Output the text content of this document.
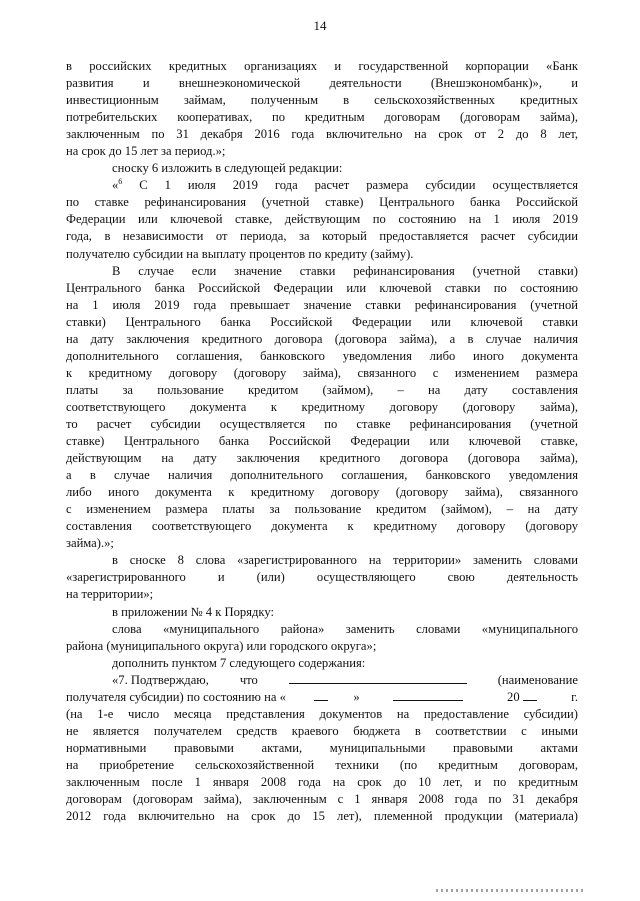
14
в российских кредитных организациях и государственной корпорации «Банк
развития и внешнеэкономической деятельности (Внешэкономбанк)», и
инвестиционным займам, полученным в сельскохозяйственных кредитных
потребительских кооперативах, по кредитным договорам (договорам займа),
заключенным по 31 декабря 2016 года включительно на срок от 2 до 8 лет,
на срок до 15 лет за период.»;
сноску 6 изложить в следующей редакции:
«$^6$ С 1 июля 2019 года расчет размера субсидии осуществляется
по ставке рефинансирования (учетной ставке) Центрального банка Российской
Федерации или ключевой ставке, действующим по состоянию на 1 июля 2019
года, в независимости от периода, за который предоставляется расчет субсидии
получателю субсидии на выплату процентов по кредиту (займу).
В случае если значение ставки рефинансирования (учетной ставки)
Центрального банка Российской Федерации или ключевой ставки по состоянию
на 1 июля 2019 года превышает значение ставки рефинансирования (учетной
ставки) Центрального банка Российской Федерации или ключевой ставки
на дату заключения кредитного договора (договора займа), а в случае наличия
дополнительного соглашения, банковского уведомления либо иного документа
к кредитному договору (договору займа), связанного с изменением размера
платы за пользование кредитом (займом), – на дату составления
соответствующего документа к кредитному договору (договору займа),
то расчет субсидии осуществляется по ставке рефинансирования (учетной
ставке) Центрального банка Российской Федерации или ключевой ставке,
действующим на дату заключения кредитного договора (договора займа),
а в случае наличия дополнительного соглашения, банковского уведомления
либо иного документа к кредитному договору (договору займа), связанного
с изменением размера платы за пользование кредитом (займом), – на дату
составления соответствующего документа к кредитному договору (договору
займа).»;
в сноске 8 слова «зарегистрированного на территории» заменить словами
«зарегистрированного и (или) осуществляющего свою деятельность
на территории»;
в приложении № 4 к Порядку:
слова «муниципального района» заменить словами «муниципального
района (муниципального округа) или городского округа»;
дополнить пунктом 7 следующего содержания:
«7. Подтверждаю, что	(наименование
получателя субсидии) по состоянию на «	»	20	г.
(на 1-е число месяца представления документов на предоставление субсидии)
не является получателем средств краевого бюджета в соответствии с иными
нормативными правовыми актами, муниципальными правовыми актами
на приобретение сельскохозяйственной техники (по кредитным договорам,
заключенным после 1 января 2008 года на срок до 10 лет, и по кредитным
договорам (договорам займа), заключенным с 1 января 2008 года по 31 декабря
2012 года включительно на срок до 15 лет), племенной продукции (материала)
